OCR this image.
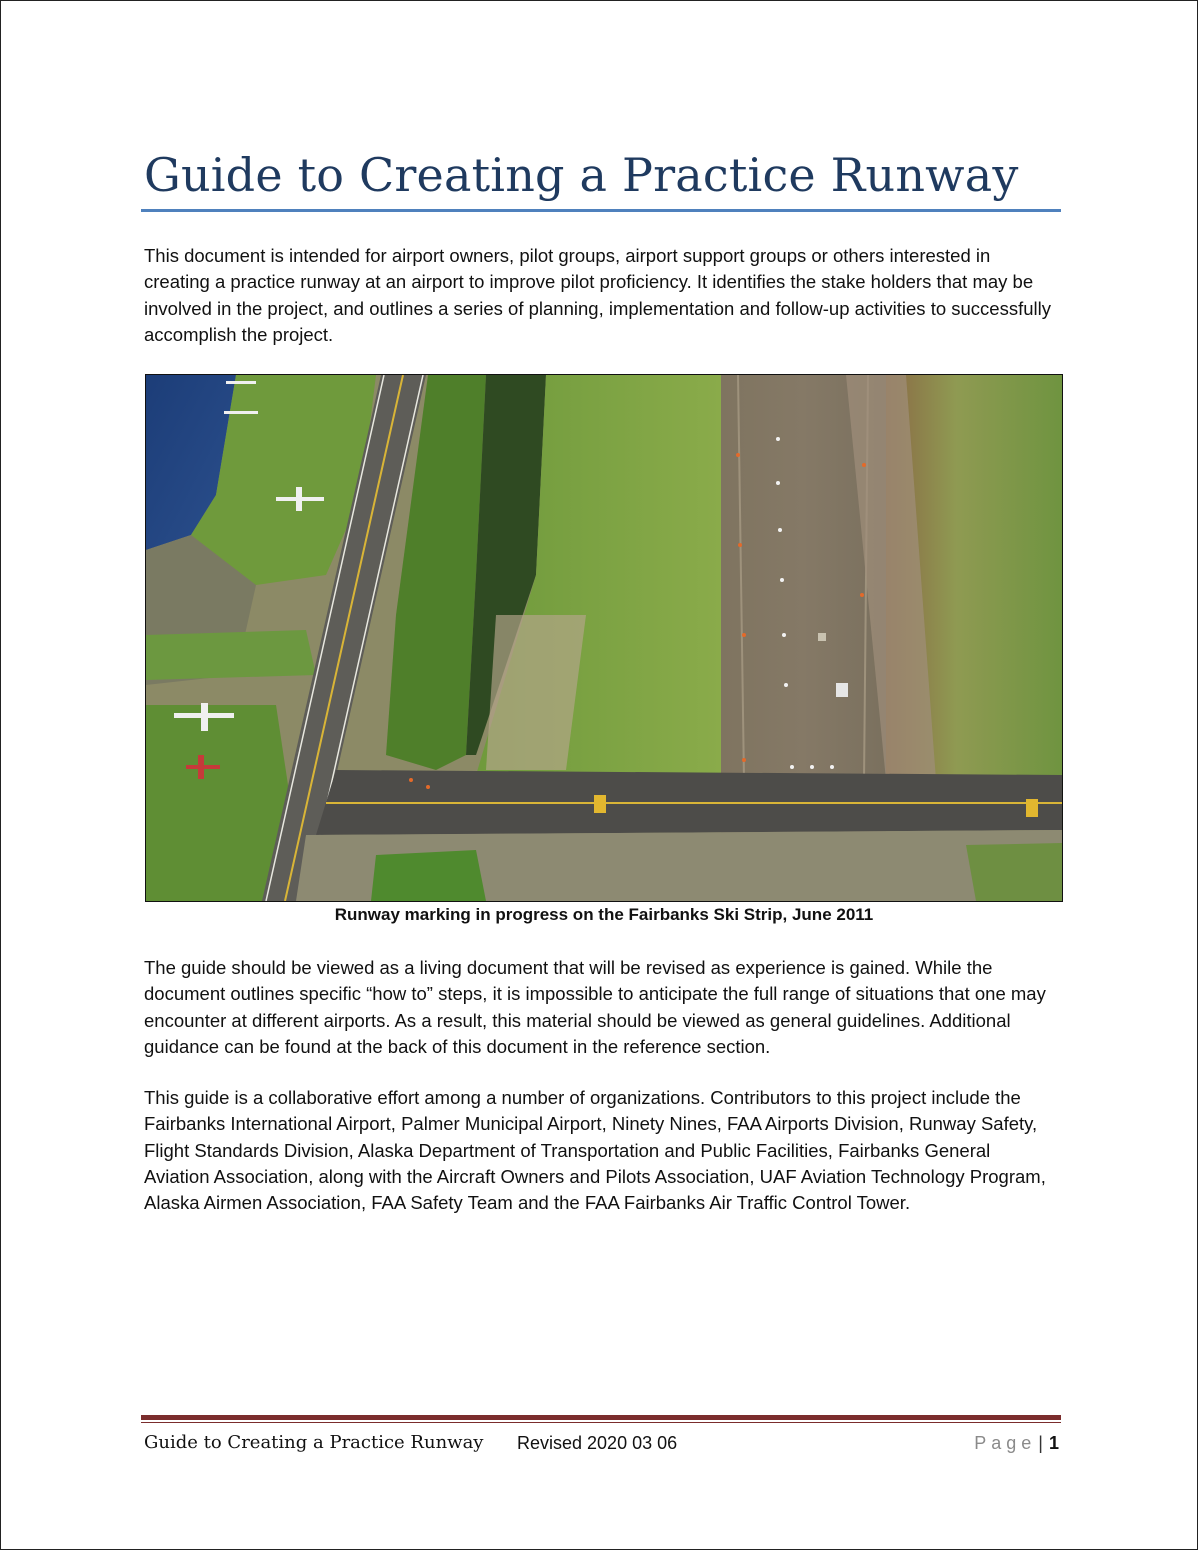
Guide to Creating a Practice Runway

This document is intended for airport owners, pilot groups, airport support groups or others interested in creating a practice runway at an airport to improve pilot proficiency. It identifies the stake holders that may be involved in the project, and outlines a series of planning, implementation and follow-up activities to successfully accomplish the project.

Runway marking in progress on the Fairbanks Ski Strip, June 2011

The guide should be viewed as a living document that will be revised as experience is gained. While the document outlines specific “how to” steps, it is impossible to anticipate the full range of situations that one may encounter at different airports. As a result, this material should be viewed as general guidelines. Additional guidance can be found at the back of this document in the reference section.

This guide is a collaborative effort among a number of organizations. Contributors to this project include the Fairbanks International Airport, Palmer Municipal Airport, Ninety Nines, FAA Airports Division, Runway Safety, Flight Standards Division, Alaska Department of Transportation and Public Facilities, Fairbanks General Aviation Association, along with the Aircraft Owners and Pilots Association, UAF Aviation Technology Program, Alaska Airmen Association, FAA Safety Team and the FAA Fairbanks Air Traffic Control Tower.

Guide to Creating a Practice Runway Revised 2020 03 06	Page | 1
